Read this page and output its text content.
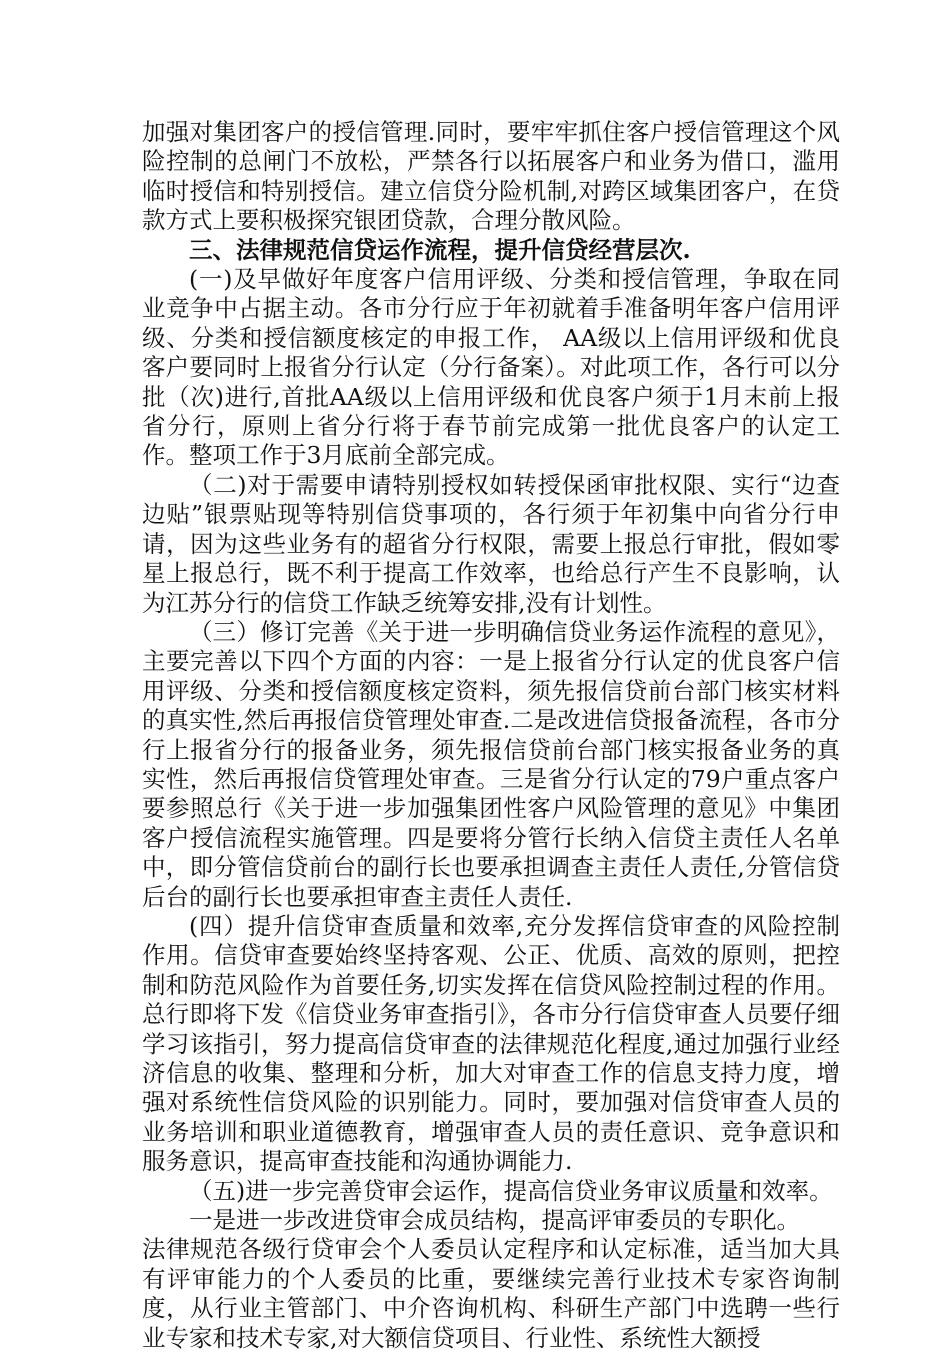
加强对集团客户的授信管理.同时，要牢牢抓住客户授信管理这个风险控制的总闸门不放松，严禁各行以拓展客户和业务为借口，滥用临时授信和特别授信。建立信贷分险机制,对跨区域集团客户，在贷款方式上要积极探究银团贷款，合理分散风险。

三、法律规范信贷运作流程，提升信贷经营层次.

(一)及早做好年度客户信用评级、分类和授信管理，争取在同业竞争中占据主动。各市分行应于年初就着手准备明年客户信用评级、分类和授信额度核定的申报工作， AA级以上信用评级和优良客户要同时上报省分行认定（分行备案）。对此项工作，各行可以分批（次)进行,首批AA级以上信用评级和优良客户须于1月末前上报省分行，原则上省分行将于春节前完成第一批优良客户的认定工作。整项工作于3月底前全部完成。

（二)对于需要申请特别授权如转授保函审批权限、实行“边查边贴”银票贴现等特别信贷事项的，各行须于年初集中向省分行申请，因为这些业务有的超省分行权限，需要上报总行审批，假如零星上报总行，既不利于提高工作效率，也给总行产生不良影响，认为江苏分行的信贷工作缺乏统筹安排,没有计划性。

（三）修订完善《关于进一步明确信贷业务运作流程的意见》，主要完善以下四个方面的内容：一是上报省分行认定的优良客户信用评级、分类和授信额度核定资料，须先报信贷前台部门核实材料的真实性,然后再报信贷管理处审查.二是改进信贷报备流程，各市分行上报省分行的报备业务，须先报信贷前台部门核实报备业务的真实性，然后再报信贷管理处审查。三是省分行认定的79户重点客户要参照总行《关于进一步加强集团性客户风险管理的意见》中集团客户授信流程实施管理。四是要将分管行长纳入信贷主责任人名单中，即分管信贷前台的副行长也要承担调查主责任人责任,分管信贷后台的副行长也要承担审查主责任人责任.

(四）提升信贷审查质量和效率,充分发挥信贷审查的风险控制作用。信贷审查要始终坚持客观、公正、优质、高效的原则，把控制和防范风险作为首要任务,切实发挥在信贷风险控制过程的作用。总行即将下发《信贷业务审查指引》，各市分行信贷审查人员要仔细学习该指引，努力提高信贷审查的法律规范化程度,通过加强行业经济信息的收集、整理和分析，加大对审查工作的信息支持力度，增强对系统性信贷风险的识别能力。同时，要加强对信贷审查人员的业务培训和职业道德教育，增强审查人员的责任意识、竞争意识和服务意识，提高审查技能和沟通协调能力.

（五)进一步完善贷审会运作，提高信贷业务审议质量和效率。

一是进一步改进贷审会成员结构，提高评审委员的专职化。

法律规范各级行贷审会个人委员认定程序和认定标准，适当加大具有评审能力的个人委员的比重，要继续完善行业技术专家咨询制度，从行业主管部门、中介咨询机构、科研生产部门中选聘一些行业专家和技术专家,对大额信贷项目、行业性、系统性大额授
